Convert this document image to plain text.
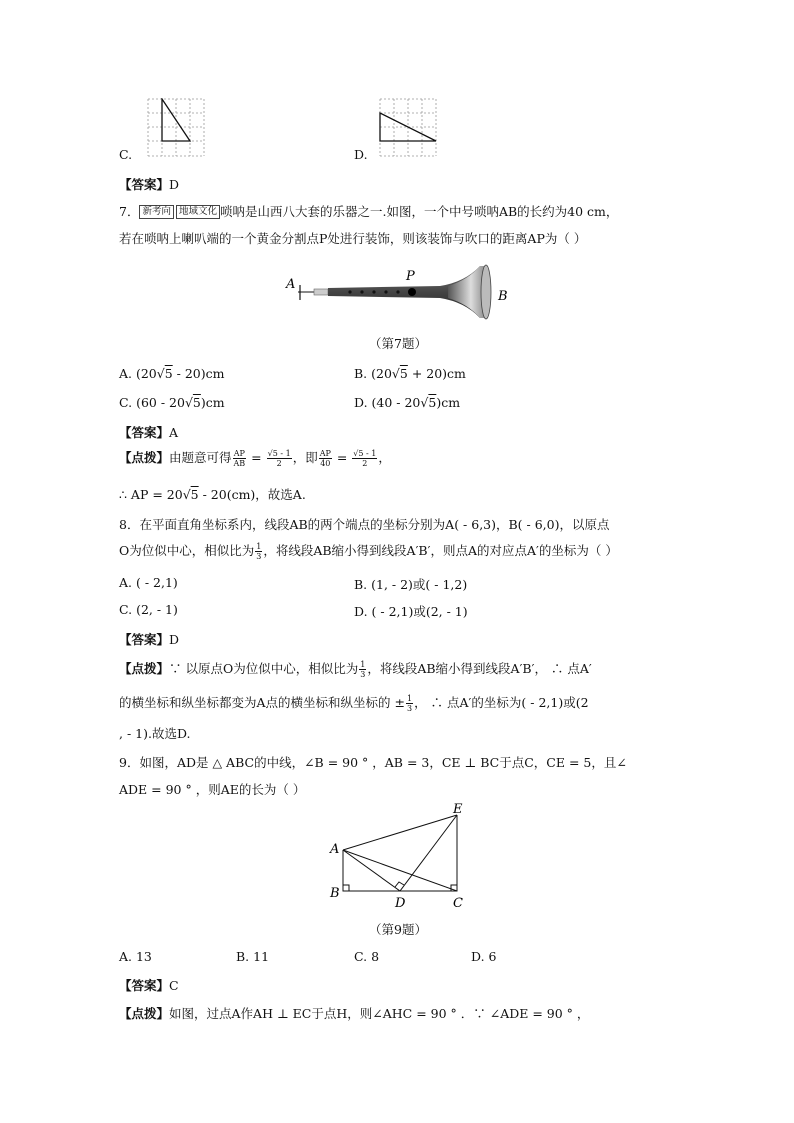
C.	D.
【答案】D
7． 新考向 地域文化 唢呐是山西八大套的乐器之一.如图，一个中号唢呐AB的长约为40 cm，
若在唢呐上喇叭端的一个黄金分割点P处进行装饰，则该装饰与吹口的距离AP为（ ）
A
P
B
（第7题）
A. (20√5 - 20)cm	B. (20√5 + 20)cm
C. (60 - 20√5)cm	D. (40 - 20√5)cm
【答案】A
【点拨】由题意可得 $\frac{AP}{AB} = \frac{√5 - 1}{2}$ ，即 $\frac{AP}{40} = \frac{√5 - 1}{2}$ ，
∴ AP = 20√5 - 20(cm)，故选A.
8．在平面直角坐标系内，线段AB的两个端点的坐标分别为A( - 6,3)，B( - 6,0)，以原点
O为位似中心，相似比为 $\frac{1}{3}$ ，将线段AB缩小得到线段A′B′，则点A的对应点A′的坐标为（ ）
A. ( - 2,1)	B. (1, - 2)或( - 1,2)
C. (2, - 1)	D. ( - 2,1)或(2, - 1)
【答案】D
【点拨】∵ 以原点O为位似中心，相似比为 $\frac{1}{3}$ ，将线段AB缩小得到线段A′B′， ∴ 点A′
的横坐标和纵坐标都变为A点的横坐标和纵坐标的 ± $\frac{1}{3}$ ， ∴ 点A′的坐标为( - 2,1)或(2
, - 1).故选D.
9．如图，AD是 △ ABC的中线，∠B = 90 ° ，AB = 3，CE ⊥ BC于点C，CE = 5，且∠
ADE = 90 ° ，则AE的长为（ ）
A
B
C
D
E
（第9题）
A. 13	B. 11	C. 8	D. 6
【答案】C
【点拨】如图，过点A作AH ⊥ EC于点H，则∠AHC = 90 ° ．∵ ∠ADE = 90 ° ，
